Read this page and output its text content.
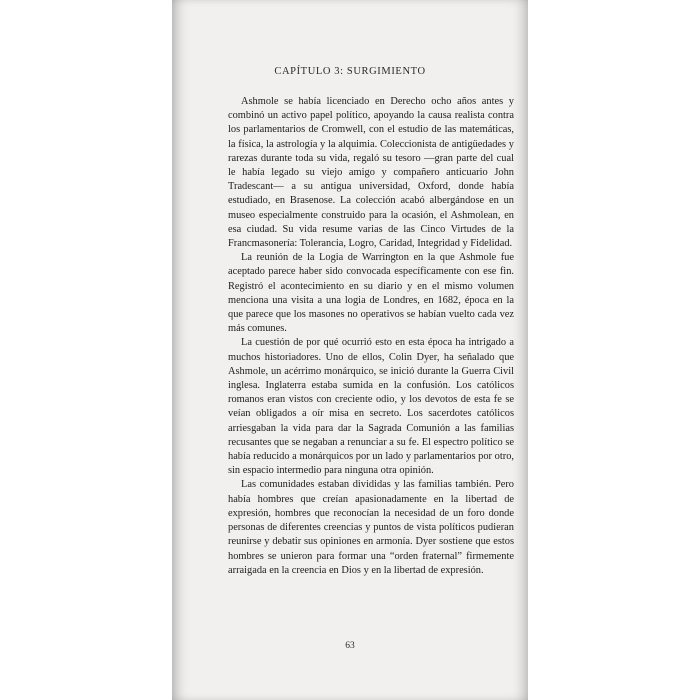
CAPÍTULO 3: SURGIMIENTO

Ashmole se había licenciado en Derecho ocho años antes y combinó un activo papel político, apoyando la causa realista contra los parlamentarios de Cromwell, con el estudio de las matemáticas, la física, la astrología y la alquimia. Coleccionista de antigüedades y rarezas durante toda su vida, regaló su tesoro —gran parte del cual le había legado su viejo amigo y compañero anticuario John Tradescant— a su antigua universidad, Oxford, donde había estudiado, en Brasenose. La colección acabó albergándose en un museo especialmente construido para la ocasión, el Ashmolean, en esa ciudad. Su vida resume varias de las Cinco Virtudes de la Francmasonería: Tolerancia, Logro, Caridad, Integridad y Fidelidad.

La reunión de la Logia de Warrington en la que Ashmole fue aceptado parece haber sido convocada específicamente con ese fin. Registró el acontecimiento en su diario y en el mismo volumen menciona una visita a una logia de Londres, en 1682, época en la que parece que los masones no operativos se habían vuelto cada vez más comunes.

La cuestión de por qué ocurrió esto en esta época ha intrigado a muchos historiadores. Uno de ellos, Colin Dyer, ha señalado que Ashmole, un acérrimo monárquico, se inició durante la Guerra Civil inglesa. Inglaterra estaba sumida en la confusión. Los católicos romanos eran vistos con creciente odio, y los devotos de esta fe se veían obligados a oír misa en secreto. Los sacerdotes católicos arriesgaban la vida para dar la Sagrada Comunión a las familias recusantes que se negaban a renunciar a su fe. El espectro político se había reducido a monárquicos por un lado y parlamentarios por otro, sin espacio intermedio para ninguna otra opinión.

Las comunidades estaban divididas y las familias también. Pero había hombres que creían apasionadamente en la libertad de expresión, hombres que reconocían la necesidad de un foro donde personas de diferentes creencias y puntos de vista políticos pudieran reunirse y debatir sus opiniones en armonía. Dyer sostiene que estos hombres se unieron para formar una “orden fraternal” firmemente arraigada en la creencia en Dios y en la libertad de expresión.

63
